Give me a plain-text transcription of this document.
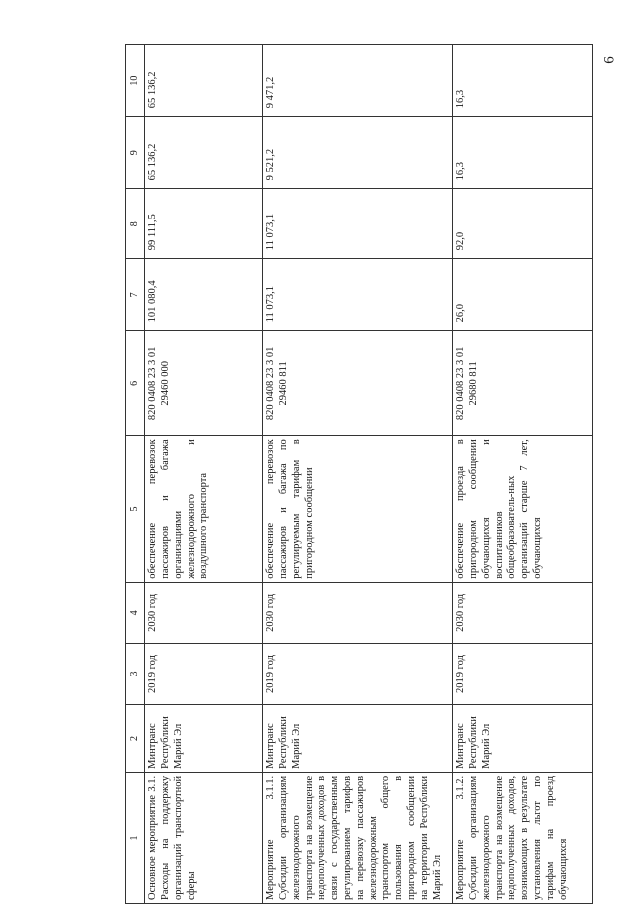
6
1	2	3	4	5	6	7	8	9	10
Основное мероприятие 3.1. Расходы на поддержку организаций транспортной сферы	Минтранс Республики Марий Эл	2019 год	2030 год	обеспечение перевозок пассажиров и багажа организациями железнодорожного и воздушного транспорта	820 0408 23 3 01 29460 000	101 080,4	99 111,5	65 136,2	65 136,2
Мероприятие 3.1.1. Субсидии организациям железнодорожного транспорта на возмещение недополученных доходов в связи с государственным регулированием тарифов на перевозку пассажиров железнодорожным транспортом общего пользования в пригородном сообщении на территории Республики Марий Эл	Минтранс Республики Марий Эл	2019 год	2030 год	обеспечение перевозок пассажиров и багажа по регулируемым тарифам в пригородном сообщении	820 0408 23 3 01 29460 811	11 073,1	11 073,1	9 521,2	9 471,2
Мероприятие 3.1.2. Субсидии организациям железнодорожного транспорта на возмещение недополученных доходов, возникающих в результате установления льгот по тарифам на проезд обучающихся	Минтранс Республики Марий Эл	2019 год	2030 год	обеспечение проезда в пригородном сообщении обучающихся и воспитанников общеобразователь-ных организаций старше 7 лет, обучающихся	820 0408 23 3 01 29680 811	26,0	92,0	16,3	16,3
